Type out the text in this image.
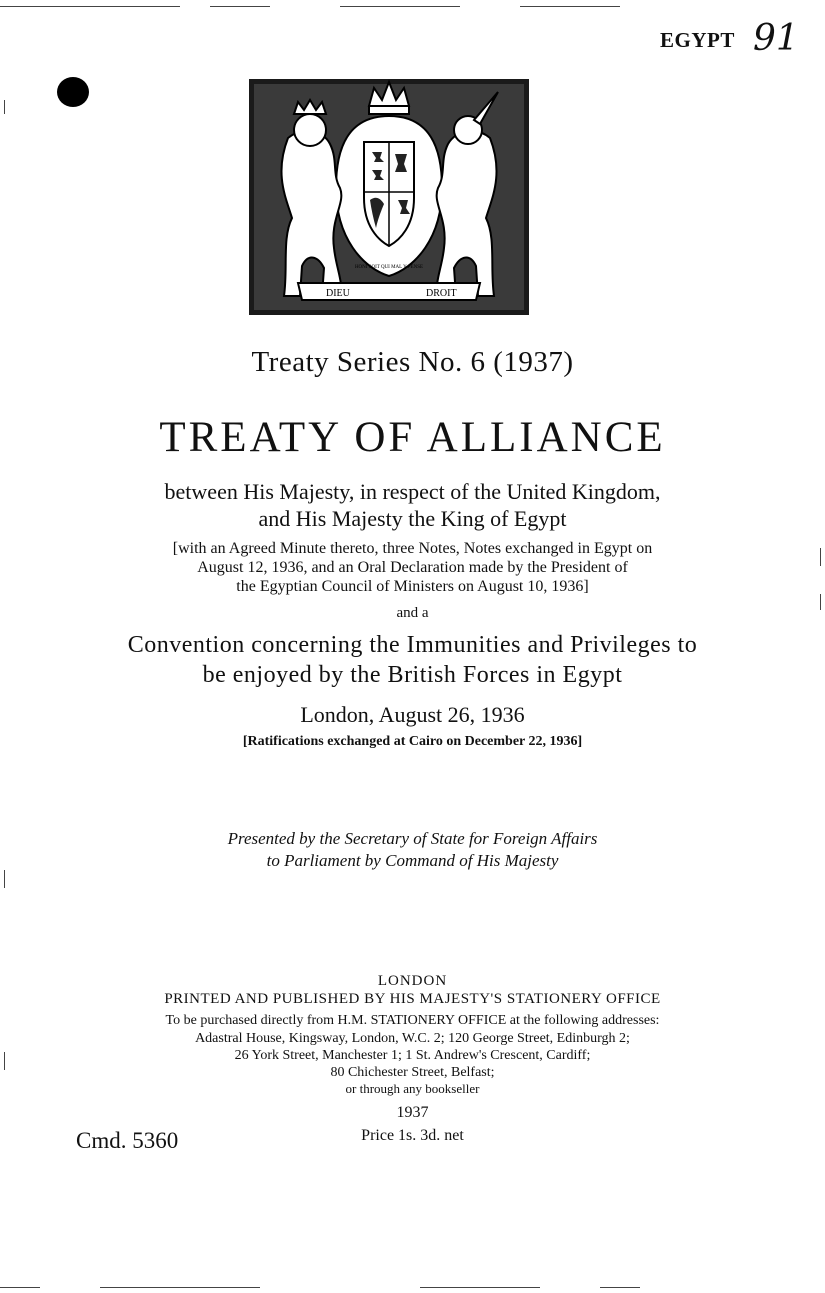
EGYPT 91
DIEU	DROIT
HONI SOIT QUI MAL Y PENSE
Treaty Series No. 6 (1937)
TREATY OF ALLIANCE
between His Majesty, in respect of the United Kingdom,
and His Majesty the King of Egypt
[with an Agreed Minute thereto, three Notes, Notes exchanged in Egypt on
August 12, 1936, and an Oral Declaration made by the President of
the Egyptian Council of Ministers on August 10, 1936]
and a
Convention concerning the Immunities and Privileges to
be enjoyed by the British Forces in Egypt
London, August 26, 1936
[Ratifications exchanged at Cairo on December 22, 1936]
Presented by the Secretary of State for Foreign Affairs
to Parliament by Command of His Majesty
LONDON
PRINTED AND PUBLISHED BY HIS MAJESTY'S STATIONERY OFFICE
To be purchased directly from H.M. STATIONERY OFFICE at the following addresses:
Adastral House, Kingsway, London, W.C. 2; 120 George Street, Edinburgh 2;
26 York Street, Manchester 1; 1 St. Andrew's Crescent, Cardiff;
80 Chichester Street, Belfast;
or through any bookseller
1937
Price 1s. 3d. net
Cmd. 5360
